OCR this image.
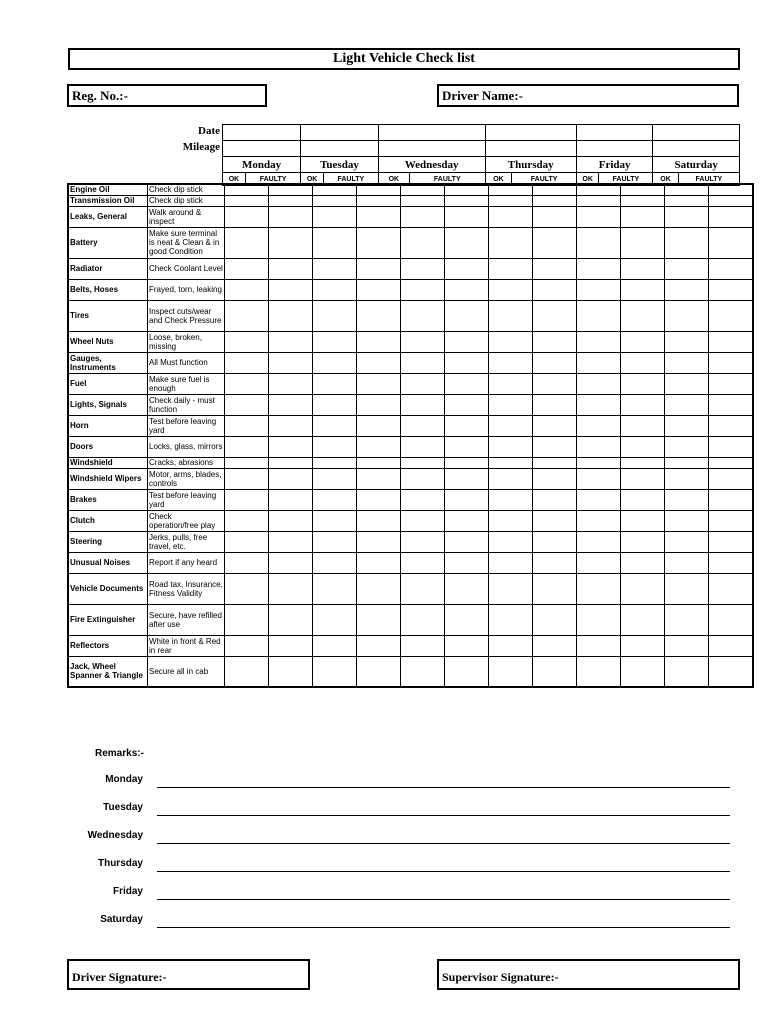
Light Vehicle Check list
Reg. No.:-	Driver Name:-
Date
Mileage

Monday		Tuesday		Wednesday		Thursday		Friday		Saturday	
OK	FAULTY	OK	FAULTY	OK	FAULTY	OK	FAULTY	OK	FAULTY	OK	FAULTY
Engine Oil	Check dip stick												
Transmission Oil	Check dip stick												
Leaks, General	Walk around & inspect												
Battery	Make sure terminal is neat & Clean & in good Condition												
Radiator	Check Coolant Level												
Belts, Hoses	Frayed, torn, leaking												
Tires	Inspect cuts/wear and Check Pressure												
Wheel Nuts	Loose, broken, missing												
Gauges, Instruments	All Must function												
Fuel	Make sure fuel is enough												
Lights, Signals	Check daily - must function												
Horn	Test before leaving yard												
Doors	Locks, glass, mirrors												
Windshield	Cracks, abrasions												
Windshield Wipers	Motor, arms, blades, controls												
Brakes	Test before leaving yard												
Clutch	Check operation/free play												
Steering	Jerks, pulls, free travel, etc.												
Unusual Noises	Report if any heard												
Vehicle Documents	Road tax, Insurance, Fitness Validity												
Fire Extinguisher	Secure, have refilled after use												
Reflectors	White in front & Red in rear												
Jack, Wheel Spanner & Triangle	Secure all in cab												
Remarks:-
Monday
Tuesday
Wednesday
Thursday
Friday
Saturday
Driver Signature:-	Supervisor Signature:-
